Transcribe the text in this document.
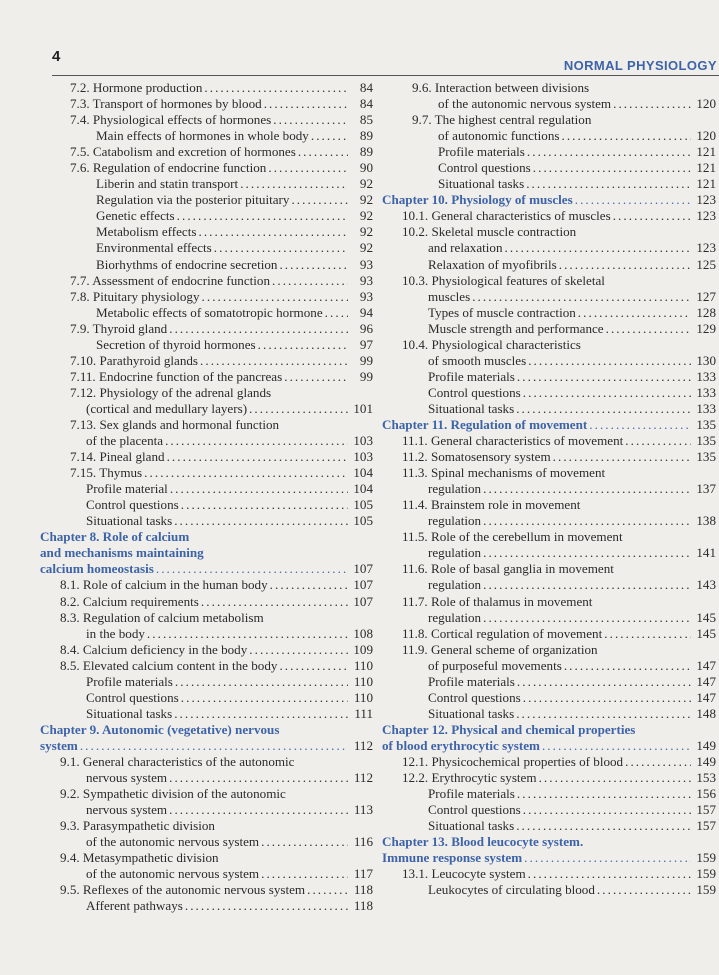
4
NORMAL PHYSIOLOGY
7.2. Hormone production . . .	84
7.3. Transport of hormones by blood . . .	84
7.4. Physiological effects of hormones . . .	85
Main effects of hormones in whole body . . .	89
7.5. Catabolism and excretion of hormones . . .	89
7.6. Regulation of endocrine function . . .	90
Liberin and statin transport . . .	92
Regulation via the posterior pituitary . . .	92
Genetic effects . . .	92
Metabolism effects . . .	92
Environmental effects . . .	92
Biorhythms of endocrine secretion . . .	93
7.7. Assessment of endocrine function . . .	93
7.8. Pituitary physiology . . .	93
Metabolic effects of somatotropic hormone . . .	94
7.9. Thyroid gland . . .	96
Secretion of thyroid hormones . . .	97
7.10. Parathyroid glands . . .	99
7.11. Endocrine function of the pancreas . . .	99
7.12. Physiology of the adrenal glands
(cortical and medullary layers) . . .	101
7.13. Sex glands and hormonal function
of the placenta . . .	103
7.14. Pineal gland . . .	103
7.15. Thymus . . .	104
Profile material . . .	104
Control questions . . .	105
Situational tasks . . .	105
Chapter 8. Role of calcium
and mechanisms maintaining
calcium homeostasis . . .	107
8.1. Role of calcium in the human body . . .	107
8.2. Calcium requirements . . .	107
8.3. Regulation of calcium metabolism
in the body . . .	108
8.4. Calcium deficiency in the body . . .	109
8.5. Elevated calcium content in the body . . .	110
Profile materials . . .	110
Control questions . . .	110
Situational tasks . . .	111
Chapter 9. Autonomic (vegetative) nervous
system . . .	112
9.1. General characteristics of the autonomic
nervous system . . .	112
9.2. Sympathetic division of the autonomic
nervous system . . .	113
9.3. Parasympathetic division
of the autonomic nervous system . . .	116
9.4. Metasympathetic division
of the autonomic nervous system . . .	117
9.5. Reflexes of the autonomic nervous system . . .	118
Afferent pathways . . .	118
9.6. Interaction between divisions
of the autonomic nervous system . . .	120
9.7. The highest central regulation
of autonomic functions . . .	120
Profile materials . . .	121
Control questions . . .	121
Situational tasks . . .	121
Chapter 10. Physiology of muscles . . .	123
10.1. General characteristics of muscles . . .	123
10.2. Skeletal muscle contraction
and relaxation . . .	123
Relaxation of myofibrils . . .	125
10.3. Physiological features of skeletal
muscles . . .	127
Types of muscle contraction . . .	128
Muscle strength and performance . . .	129
10.4. Physiological characteristics
of smooth muscles . . .	130
Profile materials . . .	133
Control questions . . .	133
Situational tasks . . .	133
Chapter 11. Regulation of movement . . .	135
11.1. General characteristics of movement . . .	135
11.2. Somatosensory system . . .	135
11.3. Spinal mechanisms of movement
regulation . . .	137
11.4. Brainstem role in movement
regulation . . .	138
11.5. Role of the cerebellum in movement
regulation . . .	141
11.6. Role of basal ganglia in movement
regulation . . .	143
11.7. Role of thalamus in movement
regulation . . .	145
11.8. Cortical regulation of movement . . .	145
11.9. General scheme of organization
of purposeful movements . . .	147
Profile materials . . .	147
Control questions . . .	147
Situational tasks . . .	148
Chapter 12. Physical and chemical properties
of blood erythrocytic system . . .	149
12.1. Physicochemical properties of blood . . .	149
12.2. Erythrocytic system . . .	153
Profile materials . . .	156
Control questions . . .	157
Situational tasks . . .	157
Chapter 13. Blood leucocyte system.
Immune response system . . .	159
13.1. Leucocyte system . . .	159
Leukocytes of circulating blood . . .	159
